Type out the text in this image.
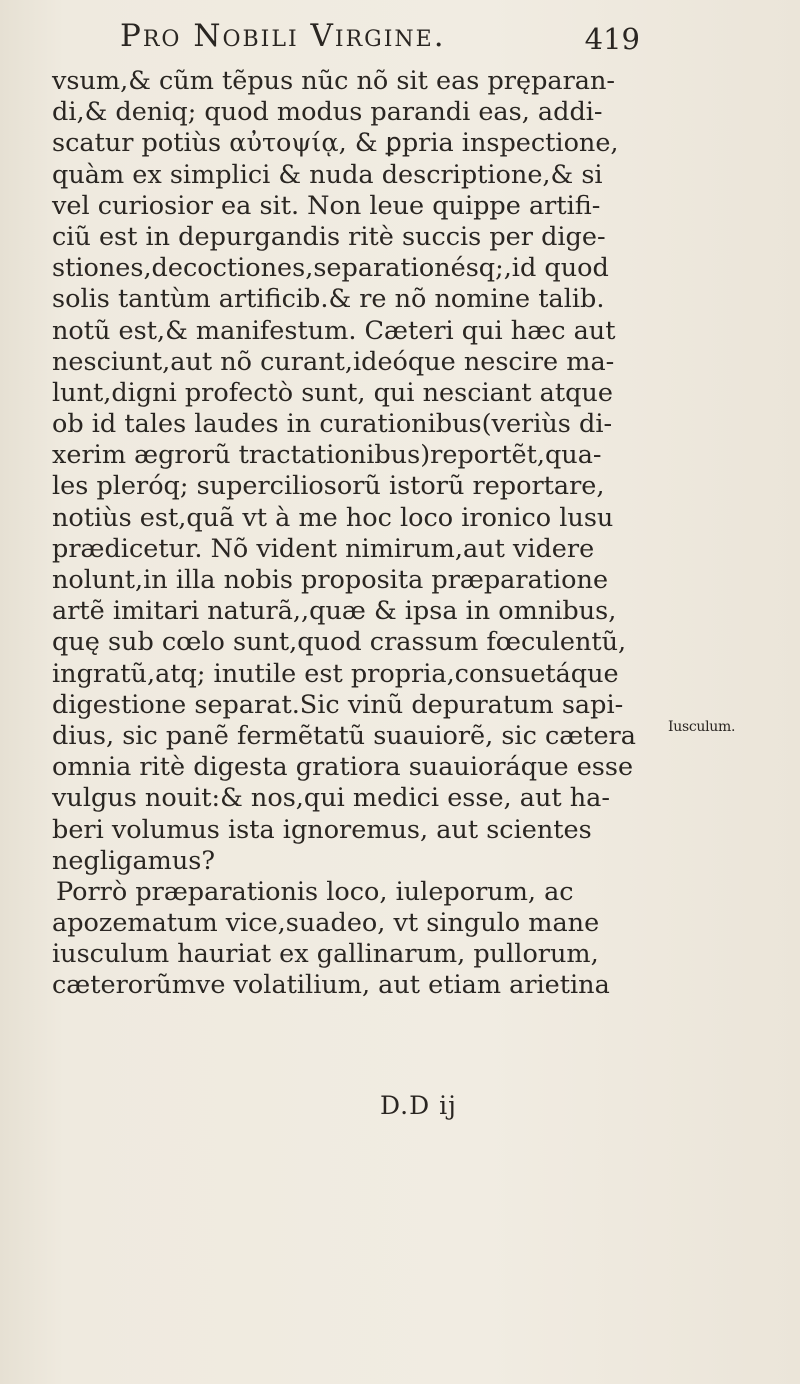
Pro Nobili Virgine.	419
vsum,& cũm tẽpus nũc nõ sit eas pręparan-
di,& deniq; quod modus parandi eas, addi-
scatur potiùs αὐτοψίᾳ, & ꝑpria inspectione,
quàm ex simplici & nuda descriptione,& si
vel curiosior ea sit. Non leue quippe artifi-
ciũ est in depurgandis ritè succis per dige-
stiones,decoctiones,separationésq;,id quod
solis tantùm artificib.& re nõ nomine talib.
notũ est,& manifestum. Cæteri qui hæc aut
nesciunt,aut nõ curant,ideóque nescire ma-
lunt,digni profectò sunt, qui nesciant atque
ob id tales laudes in curationibus(veriùs di-
xerim ægrorũ tractationibus)reportẽt,qua-
les pleróq; superciliosorũ istorũ reportare,
notiùs est,quã vt à me hoc loco ironico lusu
prædicetur. Nõ vident nimirum,aut videre
nolunt,in illa nobis proposita præparatione
artẽ imitari naturã,,quæ & ipsa in omnibus,
quę sub cœlo sunt,quod crassum fœculentũ,
ingratũ,atq; inutile est propria,consuetáque
digestione separat.Sic vinũ depuratum sapi-
dius, sic panẽ fermẽtatũ suauiorẽ, sic cætera
omnia ritè digesta gratiora suauioráque esse
vulgus nouit:& nos,qui medici esse, aut ha-
beri volumus ista ignoremus, aut scientes
negligamus?
Porrò præparationis loco, iuleporum, ac
apozematum vice,suadeo, vt singulo mane
iusculum hauriat ex gallinarum, pullorum,
cæterorũmve volatilium, aut etiam arietina
Iusculum.
D.D ij
